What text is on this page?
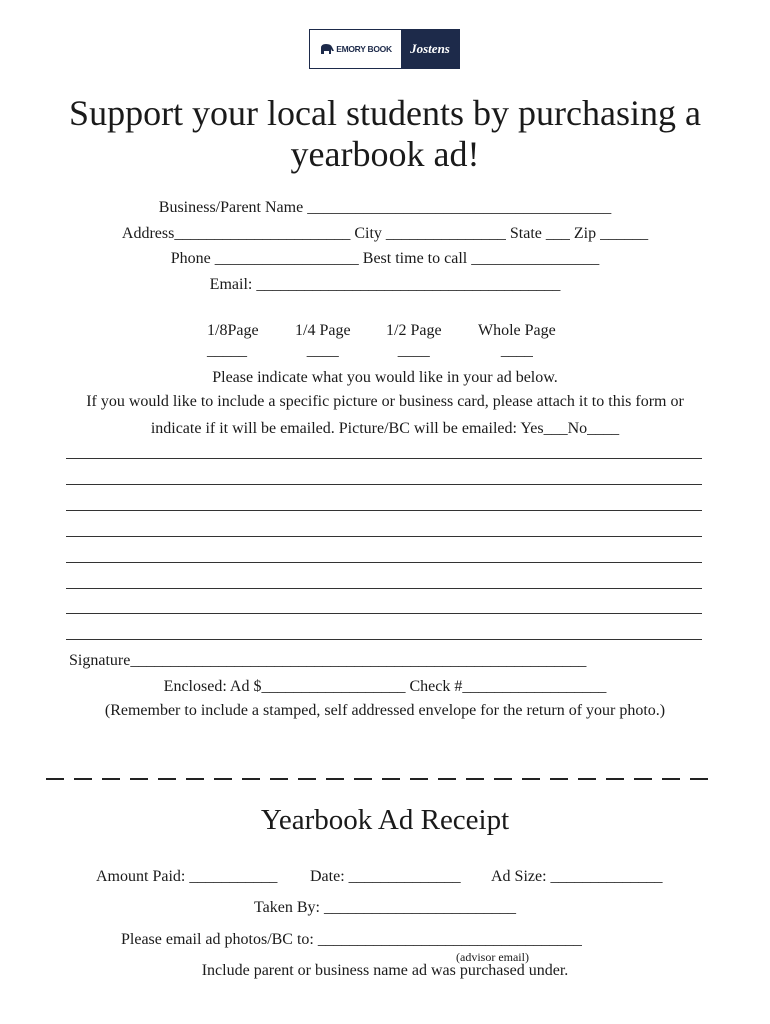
EMORY BOOK	Jostens
Support your local students by purchasing a yearbook ad!
Business/Parent Name ______________________________________
Address______________________ City _______________ State ___ Zip ______
Phone __________________ Best time to call ________________
Email: ______________________________________
1/8Page
_____
1/4 Page
____
1/2 Page
____
Whole Page
____
Please indicate what you would like in your ad below.
If you would like to include a specific picture or business card, please attach it to this form or
indicate if it will be emailed. Picture/BC will be emailed: Yes___No____
Signature_________________________________________________________
Enclosed: Ad $__________________ Check #__________________
(Remember to include a stamped, self addressed envelope for the return of your photo.)
Yearbook Ad Receipt
Amount Paid: ___________ Date: ______________ Ad Size: ______________
Taken By: ________________________
Please email ad photos/BC to: _________________________________
(advisor email)
Include parent or business name ad was purchased under.
